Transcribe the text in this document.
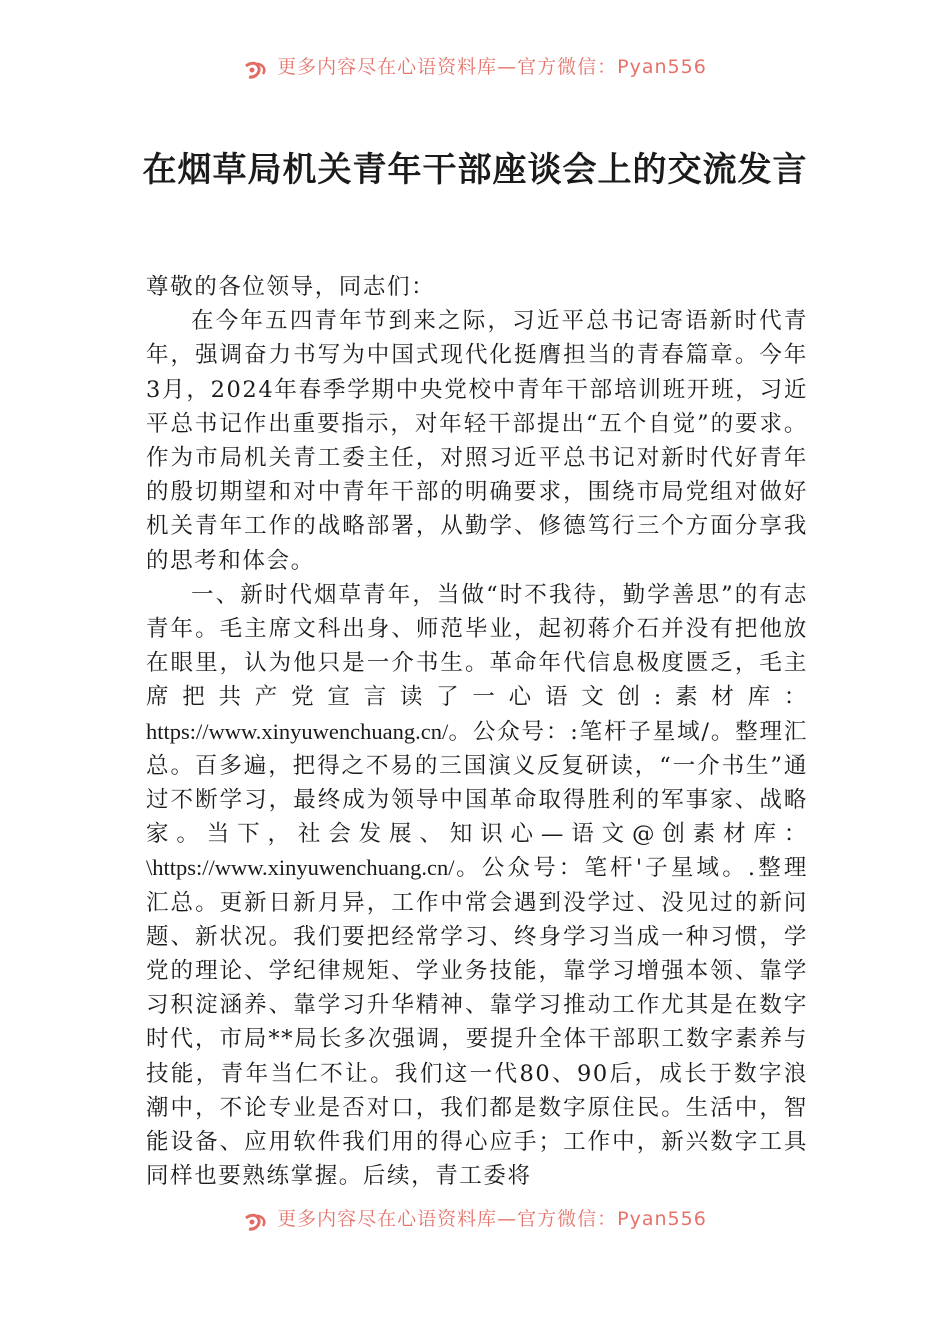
更多内容尽在心语资料库—官方微信：Pyan556
在烟草局机关青年干部座谈会上的交流发言

尊敬的各位领导，同志们：

在今年五四青年节到来之际，习近平总书记寄语新时代青年，强调奋力书写为中国式现代化挺膺担当的青春篇章。今年3月，2024年春季学期中央党校中青年干部培训班开班，习近平总书记作出重要指示，对年轻干部提出“五个自觉”的要求。作为市局机关青工委主任，对照习近平总书记对新时代好青年的殷切期望和对中青年干部的明确要求，围绕市局党组对做好机关青年工作的战略部署，从勤学、修德笃行三个方面分享我的思考和体会。

一、新时代烟草青年，当做“时不我待，勤学善思”的有志青年。毛主席文科出身、师范毕业，起初蒋介石并没有把他放在眼里，认为他只是一介书生。革命年代信息极度匮乏，毛主席把共产党宣言读了一心语文创:素材库：https://www.xinyuwenchuang.cn/。公众号：:笔杆子星域/。整理汇总。百多遍，把得之不易的三国演义反复研读，“一介书生”通过不断学习，最终成为领导中国革命取得胜利的军事家、战略家。当下，社会发展、知识心—语文@创素材库：\https://www.xinyuwenchuang.cn/。公众号：笔杆'子星域。.整理汇总。更新日新月异，工作中常会遇到没学过、没见过的新问题、新状况。我们要把经常学习、终身学习当成一种习惯，学党的理论、学纪律规矩、学业务技能，靠学习增强本领、靠学习积淀涵养、靠学习升华精神、靠学习推动工作尤其是在数字时代，市局**局长多次强调，要提升全体干部职工数字素养与技能，青年当仁不让。我们这一代80、90后，成长于数字浪潮中，不论专业是否对口，我们都是数字原住民。生活中，智能设备、应用软件我们用的得心应手；工作中，新兴数字工具同样也要熟练掌握。后续，青工委将

更多内容尽在心语资料库—官方微信：Pyan556
